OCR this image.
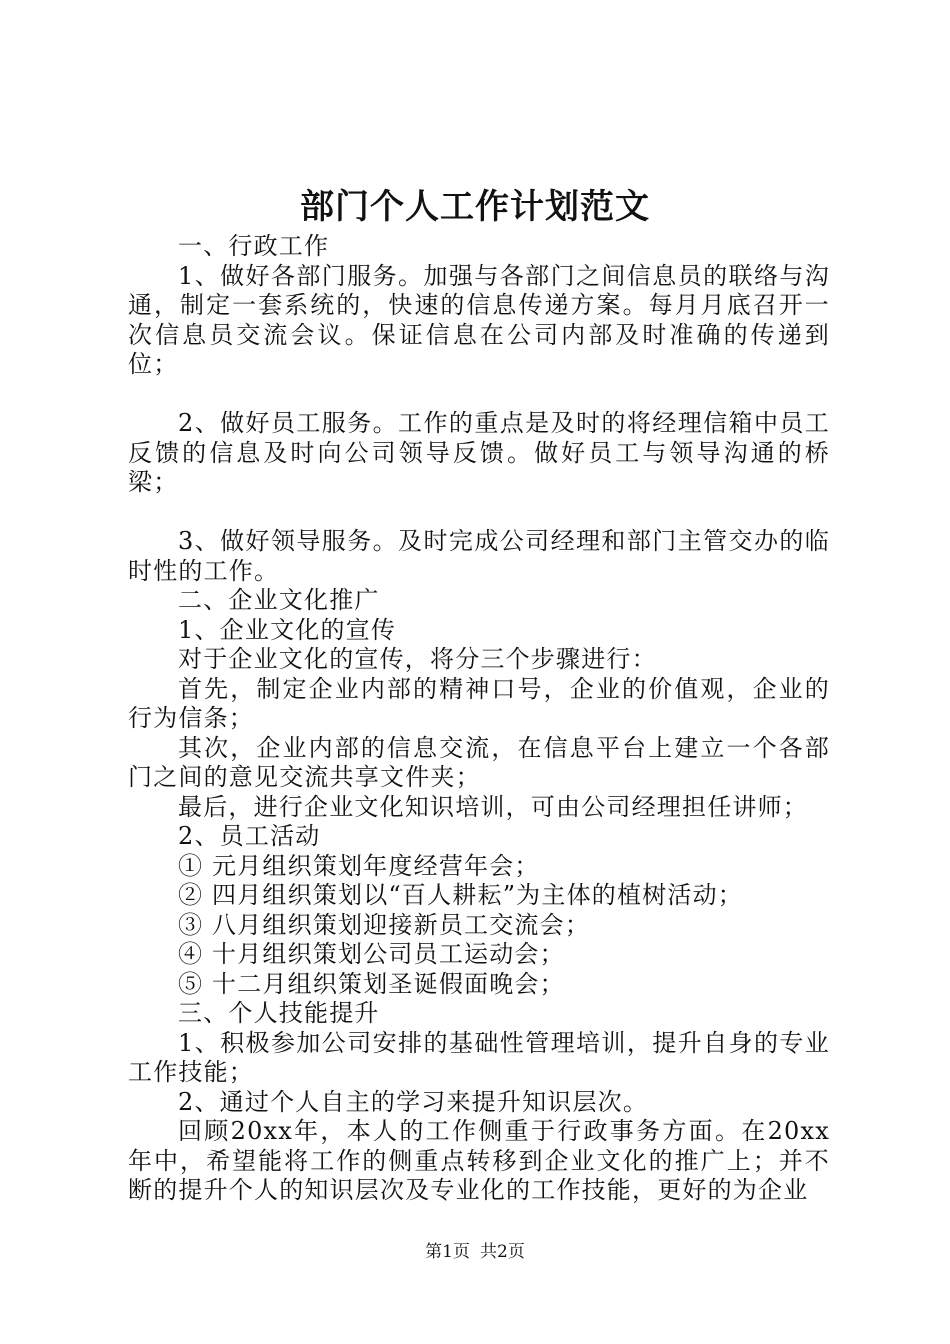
部门个人工作计划范文

一、行政工作

1、做好各部门服务。加强与各部门之间信息员的联络与沟通，制定一套系统的，快速的信息传递方案。每月月底召开一次信息员交流会议。保证信息在公司内部及时准确的传递到位；

2、做好员工服务。工作的重点是及时的将经理信箱中员工反馈的信息及时向公司领导反馈。做好员工与领导沟通的桥梁；

3、做好领导服务。及时完成公司经理和部门主管交办的临时性的工作。

二、企业文化推广

1、企业文化的宣传

对于企业文化的宣传，将分三个步骤进行：

首先，制定企业内部的精神口号，企业的价值观，企业的行为信条；

其次，企业内部的信息交流，在信息平台上建立一个各部门之间的意见交流共享文件夹；

最后，进行企业文化知识培训，可由公司经理担任讲师；

2、员工活动

① 元月组织策划年度经营年会；

② 四月组织策划以“百人耕耘”为主体的植树活动；

③ 八月组织策划迎接新员工交流会；

④ 十月组织策划公司员工运动会；

⑤ 十二月组织策划圣诞假面晚会；

三、个人技能提升

1、积极参加公司安排的基础性管理培训，提升自身的专业工作技能；

2、通过个人自主的学习来提升知识层次。

回顾20xx年，本人的工作侧重于行政事务方面。在20xx年中，希望能将工作的侧重点转移到企业文化的推广上；并不断的提升个人的知识层次及专业化的工作技能，更好的为企业

第1页 共2页
